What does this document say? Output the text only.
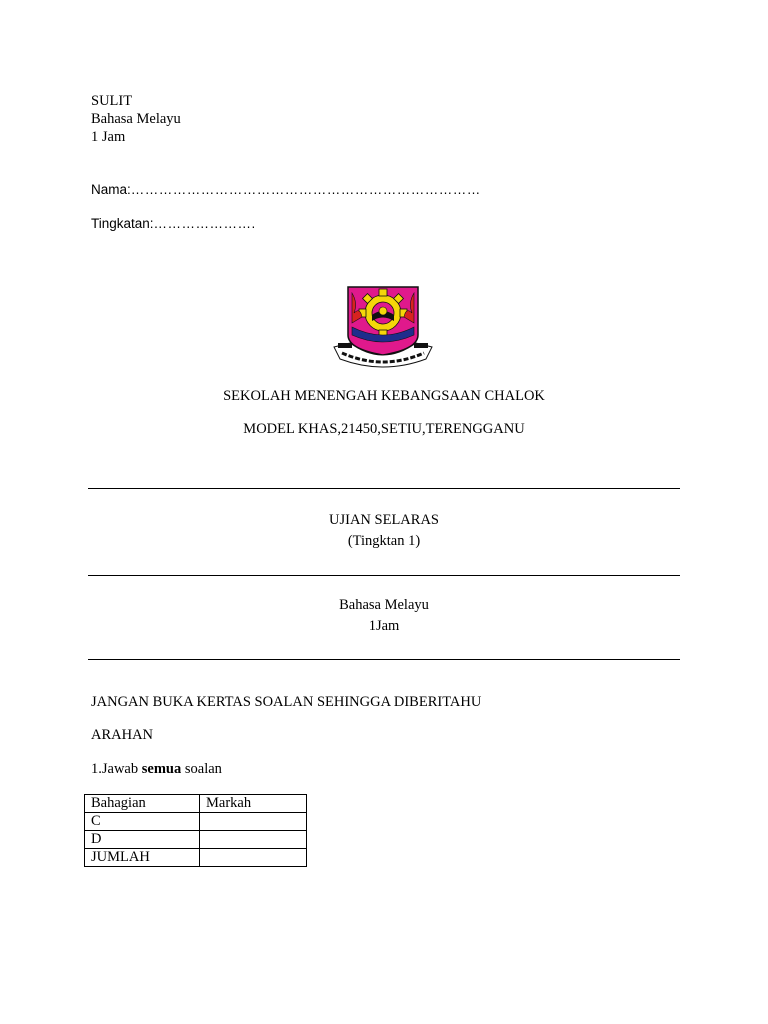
SULIT
Bahasa Melayu
1 Jam
Nama:…………………………………………………………………
Tingkatan:………………….
SEKOLAH MENENGAH KEBANGSAAN CHALOK
MODEL KHAS,21450,SETIU,TERENGGANU
UJIAN SELARAS
(Tingktan 1)
Bahasa Melayu
1Jam
JANGAN BUKA KERTAS SOALAN SEHINGGA DIBERITAHU
ARAHAN
1.Jawab semua soalan
Bahagian	Markah
C	
D	
JUMLAH	
